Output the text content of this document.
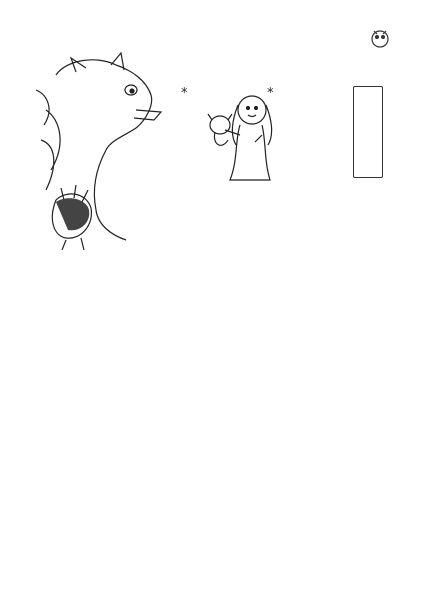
*
*
